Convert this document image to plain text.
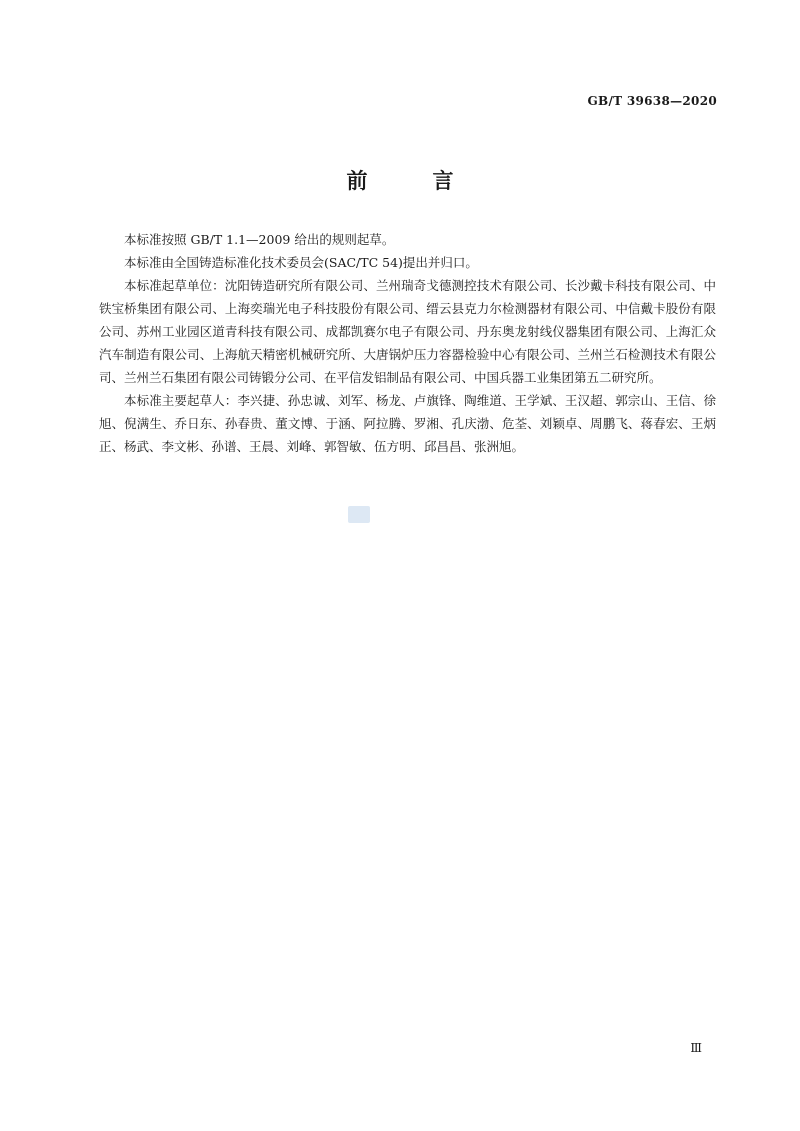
GB/T 39638—2020
前　言

本标准按照 GB/T 1.1—2009 给出的规则起草。

本标准由全国铸造标准化技术委员会(SAC/TC 54)提出并归口。

本标准起草单位：沈阳铸造研究所有限公司、兰州瑞奇戈德测控技术有限公司、长沙戴卡科技有限公司、中铁宝桥集团有限公司、上海奕瑞光电子科技股份有限公司、缙云县克力尔检测器材有限公司、中信戴卡股份有限公司、苏州工业园区道青科技有限公司、成都凯赛尔电子有限公司、丹东奥龙射线仪器集团有限公司、上海汇众汽车制造有限公司、上海航天精密机械研究所、大唐锅炉压力容器检验中心有限公司、兰州兰石检测技术有限公司、兰州兰石集团有限公司铸锻分公司、在平信发铝制品有限公司、中国兵器工业集团第五二研究所。

本标准主要起草人：李兴捷、孙忠诚、刘军、杨龙、卢旗锋、陶维道、王学斌、王汉超、郭宗山、王信、徐旭、倪满生、乔日东、孙春贵、董文博、于涵、阿拉腾、罗湘、孔庆渤、危荃、刘颖卓、周鹏飞、蒋春宏、王炳正、杨武、李文彬、孙谱、王晨、刘峰、郭智敏、伍方明、邱昌昌、张洲旭。

Ⅲ
